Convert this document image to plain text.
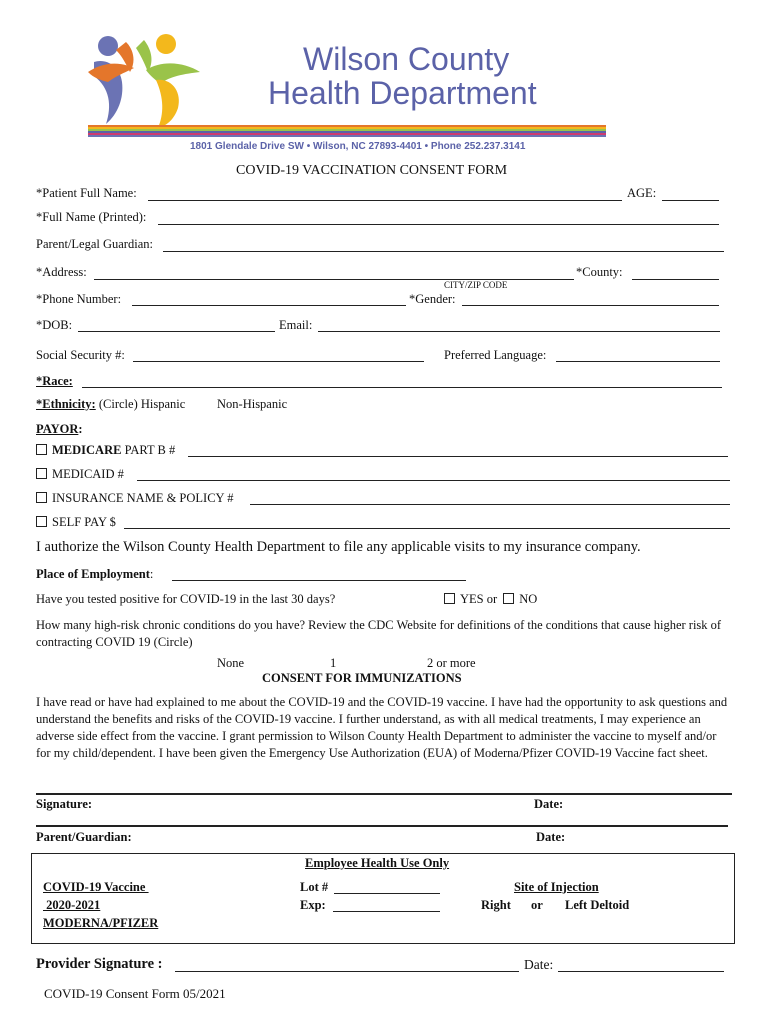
Wilson County
Health Department
1801 Glendale Drive SW • Wilson, NC 27893-4401 • Phone 252.237.3141
COVID-19 VACCINATION CONSENT FORM
*Patient Full Name:	AGE:
*Full Name (Printed):
Parent/Legal Guardian:
*Address:	*County:
CITY/ZIP CODE
*Phone Number:	*Gender:
*DOB:	Email:
Social Security #:	Preferred Language:
*Race:
*Ethnicity: (Circle) Hispanic	Non-Hispanic
PAYOR:
MEDICARE PART B #
MEDICAID #
INSURANCE NAME & POLICY #
SELF PAY $
I authorize the Wilson County Health Department to file any applicable visits to my insurance company.
Place of Employment:
Have you tested positive for COVID-19 in the last 30 days?	YES or NO
How many high-risk chronic conditions do you have? Review the CDC Website for definitions of the conditions that cause higher risk of contracting COVID 19 (Circle)
None	1	2 or more
CONSENT FOR IMMUNIZATIONS
I have read or have had explained to me about the COVID-19 and the COVID-19 vaccine. I have had the opportunity to ask questions and understand the benefits and risks of the COVID-19 vaccine. I further understand, as with all medical treatments, I may experience an adverse side effect from the vaccine. I grant permission to Wilson County Health Department to administer the vaccine to myself and/or for my child/dependent. I have been given the Emergency Use Authorization (EUA) of Moderna/Pfizer COVID-19 Vaccine fact sheet.
Signature:	Date:
Parent/Guardian:	Date:
Employee Health Use Only
COVID-19 Vaccine
2020-2021
MODERNA/PFIZER
Lot #
Exp:
Site of Injection
Right or Left Deltoid
Provider Signature :	Date:
COVID-19 Consent Form 05/2021
